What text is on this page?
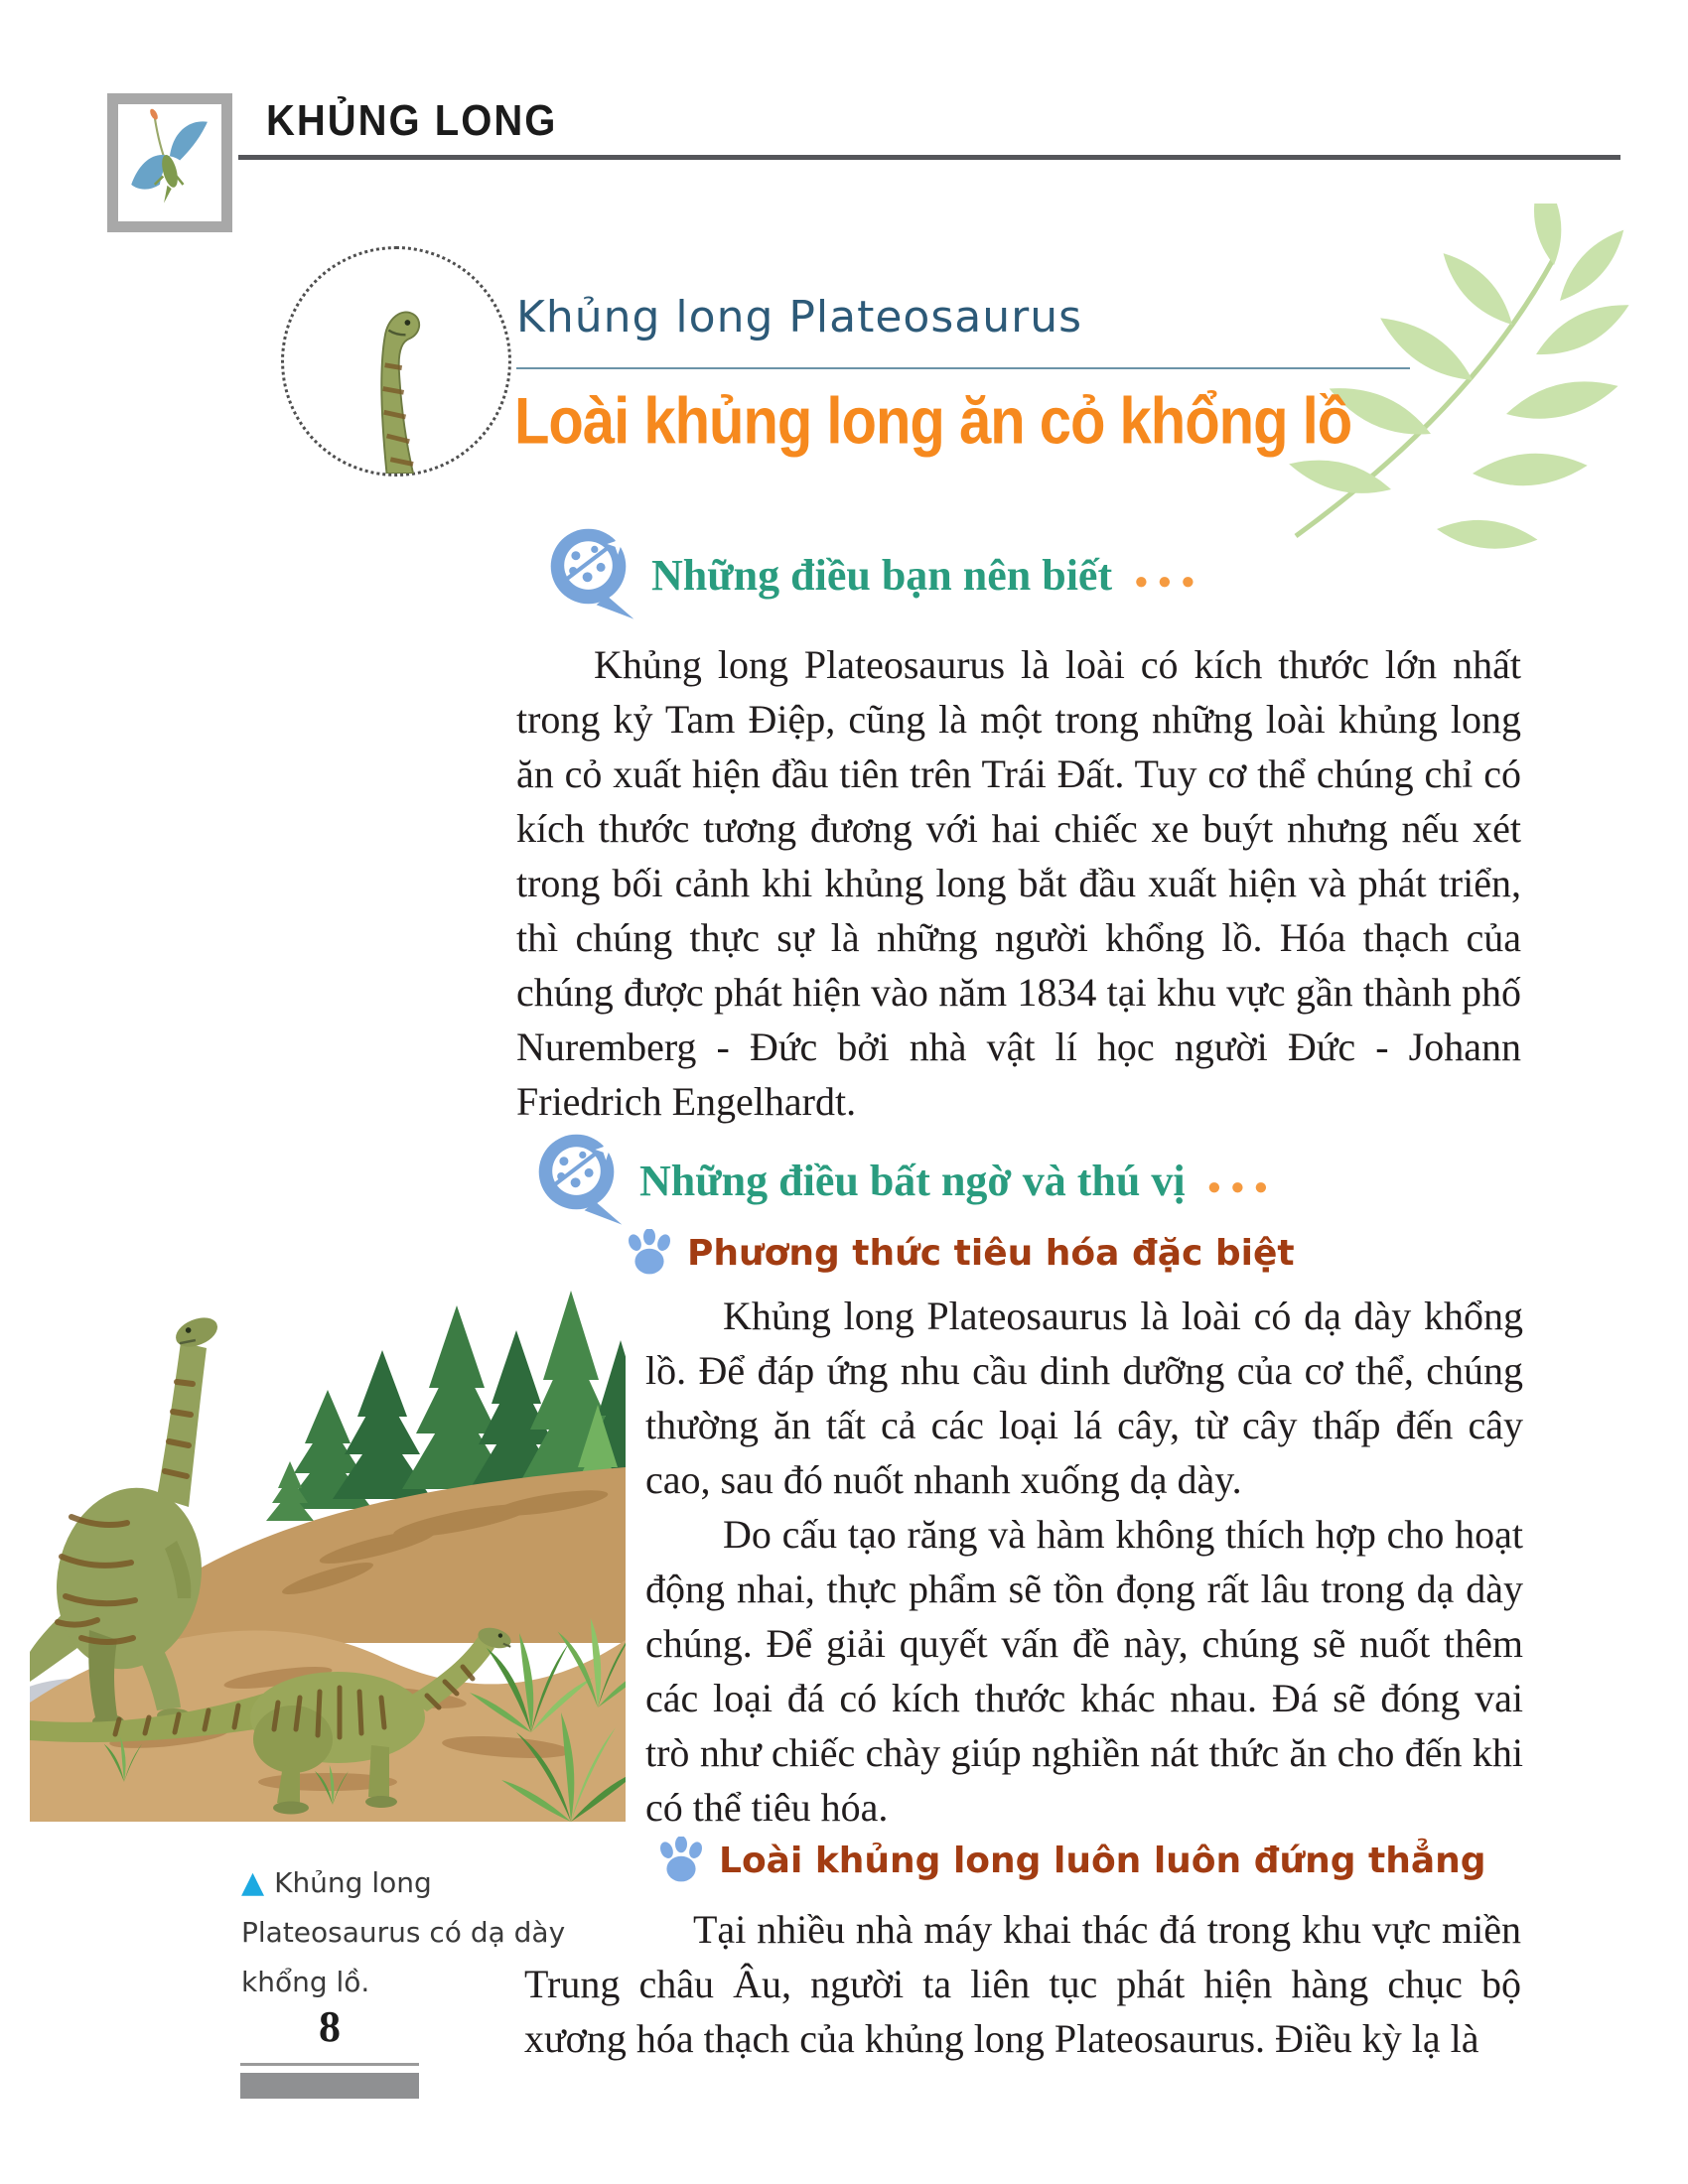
KHỦNG LONG
Khủng long Plateosaurus
Loài khủng long ăn cỏ khổng lồ
Những điều bạn nên biết ●●●
Khủng long Plateosaurus là loài có kích thước lớn nhất trong kỷ Tam Điệp, cũng là một trong những loài khủng long ăn cỏ xuất hiện đầu tiên trên Trái Đất. Tuy cơ thể chúng chỉ có kích thước tương đương với hai chiếc xe buýt nhưng nếu xét trong bối cảnh khi khủng long bắt đầu xuất hiện và phát triển, thì chúng thực sự là những người khổng lồ. Hóa thạch của chúng được phát hiện vào năm 1834 tại khu vực gần thành phố Nuremberg - Đức bởi nhà vật lí học người Đức - Johann Friedrich Engelhardt.
Những điều bất ngờ và thú vị ●●●
Phương thức tiêu hóa đặc biệt
Khủng long Plateosaurus là loài có dạ dày khổng lồ. Để đáp ứng nhu cầu dinh dưỡng của cơ thể, chúng thường ăn tất cả các loại lá cây, từ cây thấp đến cây cao, sau đó nuốt nhanh xuống dạ dày.
Do cấu tạo răng và hàm không thích hợp cho hoạt động nhai, thực phẩm sẽ tồn đọng rất lâu trong dạ dày chúng. Để giải quyết vấn đề này, chúng sẽ nuốt thêm các loại đá có kích thước khác nhau. Đá sẽ đóng vai trò như chiếc chày giúp nghiền nát thức ăn cho đến khi có thể tiêu hóa.
Loài khủng long luôn luôn đứng thẳng
Tại nhiều nhà máy khai thác đá trong khu vực miền Trung châu Âu, người ta liên tục phát hiện hàng chục bộ xương hóa thạch của khủng long Plateosaurus. Điều kỳ lạ là
▲ Khủng long Plateosaurus có dạ dày khổng lồ.
8
